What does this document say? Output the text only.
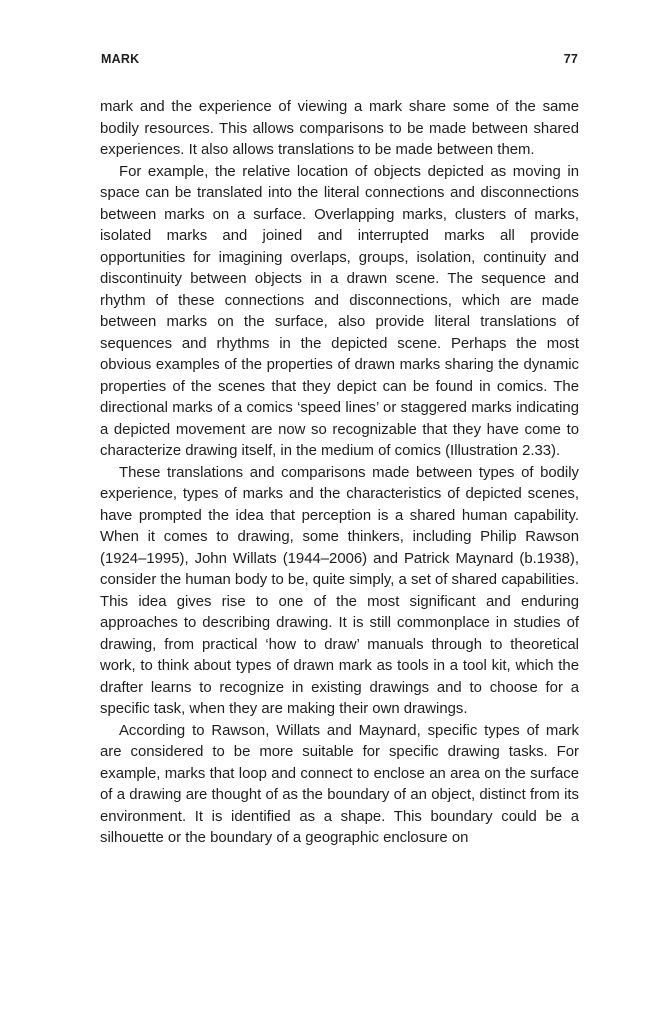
MARK	77

mark and the experience of viewing a mark share some of the same bodily resources. This allows comparisons to be made between shared experiences. It also allows translations to be made between them.

For example, the relative location of objects depicted as moving in space can be translated into the literal connections and disconnections between marks on a surface. Overlapping marks, clusters of marks, isolated marks and joined and interrupted marks all provide opportunities for imagining overlaps, groups, isolation, continuity and discontinuity between objects in a drawn scene. The sequence and rhythm of these connections and disconnections, which are made between marks on the surface, also provide literal translations of sequences and rhythms in the depicted scene. Perhaps the most obvious examples of the properties of drawn marks sharing the dynamic properties of the scenes that they depict can be found in comics. The directional marks of a comics ‘speed lines’ or staggered marks indicating a depicted movement are now so recognizable that they have come to characterize drawing itself, in the medium of comics (Illustration 2.33).

These translations and comparisons made between types of bodily experience, types of marks and the characteristics of depicted scenes, have prompted the idea that perception is a shared human capability. When it comes to drawing, some thinkers, including Philip Rawson (1924–1995), John Willats (1944–2006) and Patrick Maynard (b.1938), consider the human body to be, quite simply, a set of shared capabilities. This idea gives rise to one of the most significant and enduring approaches to describing drawing. It is still commonplace in studies of drawing, from practical ‘how to draw’ manuals through to theoretical work, to think about types of drawn mark as tools in a tool kit, which the drafter learns to recognize in existing drawings and to choose for a specific task, when they are making their own drawings.

According to Rawson, Willats and Maynard, specific types of mark are considered to be more suitable for specific drawing tasks. For example, marks that loop and connect to enclose an area on the surface of a drawing are thought of as the boundary of an object, distinct from its environment. It is identified as a shape. This boundary could be a silhouette or the boundary of a geographic enclosure on
